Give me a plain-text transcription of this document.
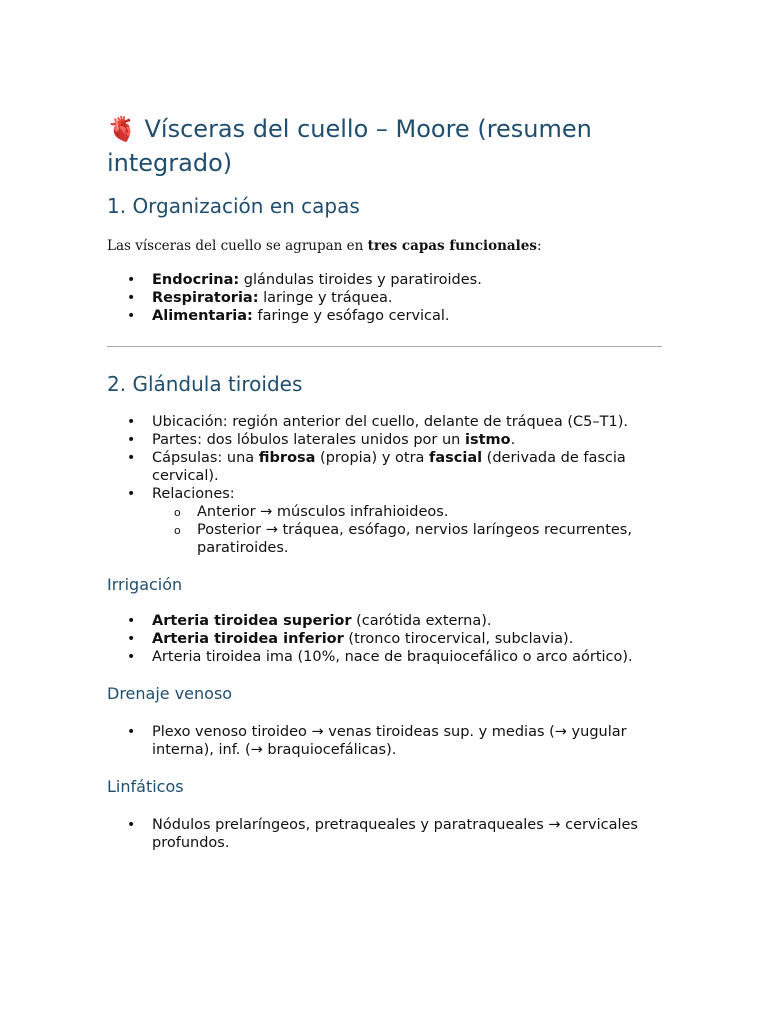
🫀 Vísceras del cuello – Moore (resumen integrado)
1. Organización en capas

Las vísceras del cuello se agrupan en tres capas funcionales:

• Endocrina: glándulas tiroides y paratiroides.
• Respiratoria: laringe y tráquea.
• Alimentaria: faringe y esófago cervical.
2. Glándula tiroides
• Ubicación: región anterior del cuello, delante de tráquea (C5–T1).
• Partes: dos lóbulos laterales unidos por un istmo.
• Cápsulas: una fibrosa (propia) y otra fascial (derivada de fascia cervical).
• Relaciones:
o Anterior → músculos infrahioideos.
o Posterior → tráquea, esófago, nervios laríngeos recurrentes, paratiroides.
Irrigación
• Arteria tiroidea superior (carótida externa).
• Arteria tiroidea inferior (tronco tirocervical, subclavia).
• Arteria tiroidea ima (10%, nace de braquiocefálico o arco aórtico).
Drenaje venoso
• Plexo venoso tiroideo → venas tiroideas sup. y medias (→ yugular interna), inf. (→ braquiocefálicas).
Linfáticos
• Nódulos prelaríngeos, pretraqueales y paratraqueales → cervicales profundos.
